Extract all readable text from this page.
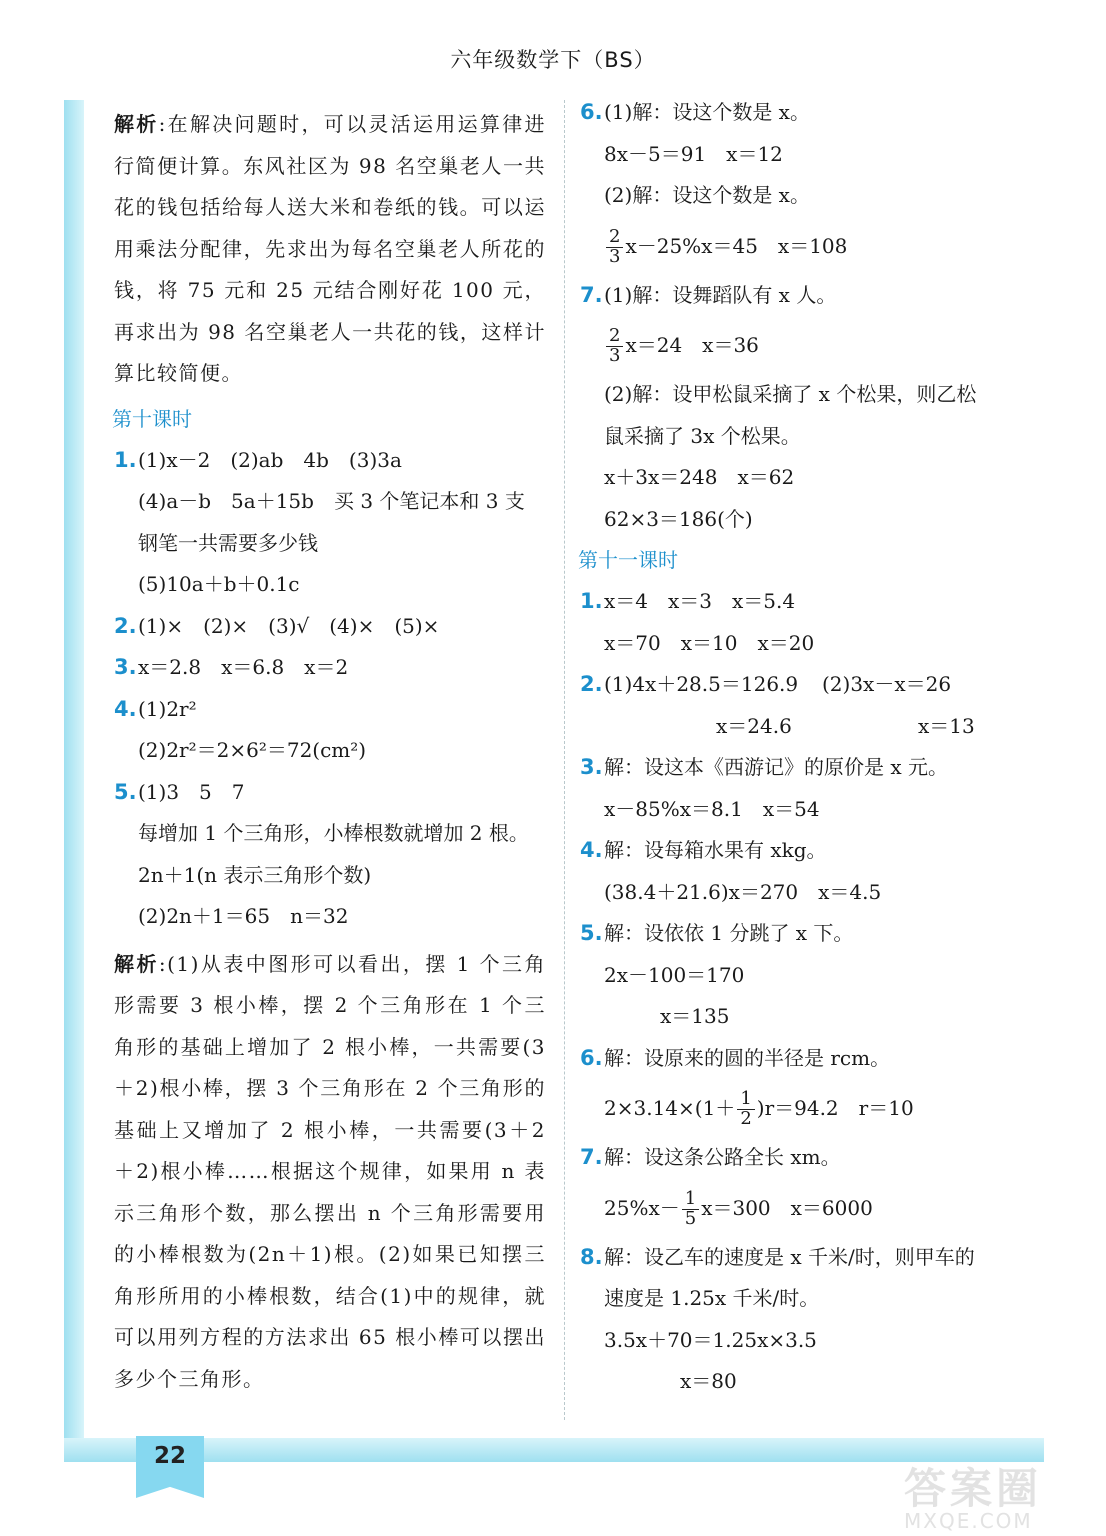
六年级数学下（BS）
22
解析:在解决问题时，可以灵活运用运算律进行简便计算。东风社区为 98 名空巢老人一共花的钱包括给每人送大米和卷纸的钱。可以运用乘法分配律，先求出为每名空巢老人所花的钱，将 75 元和 25 元结合刚好花 100 元，再求出为 98 名空巢老人一共花的钱，这样计算比较简便。
第十课时
1.(1)x－2　(2)ab　4b　(3)3a
(4)a－b　5a＋15b　买 3 个笔记本和 3 支
钢笔一共需要多少钱
(5)10a＋b＋0.1c
2.(1)×　(2)×　(3)√　(4)×　(5)×
3.x＝2.8　x＝6.8　x＝2
4.(1)2r²
(2)2r²＝2×6²＝72(cm²)
5.(1)3　5　7
每增加 1 个三角形，小棒根数就增加 2 根。
2n＋1(n 表示三角形个数)
(2)2n＋1＝65　n＝32
解析:(1)从表中图形可以看出，摆 1 个三角形需要 3 根小棒，摆 2 个三角形在 1 个三角形的基础上增加了 2 根小棒，一共需要(3＋2)根小棒，摆 3 个三角形在 2 个三角形的基础上又增加了 2 根小棒，一共需要(3＋2＋2)根小棒……根据这个规律，如果用 n 表示三角形个数，那么摆出 n 个三角形需要用的小棒根数为(2n＋1)根。(2)如果已知摆三角形所用的小棒根数，结合(1)中的规律，就可以用列方程的方法求出 65 根小棒可以摆出多少个三角形。
6.(1)解：设这个数是 x。
8x－5＝91　x＝12
(2)解：设这个数是 x。
$\frac{2}{3} x-25\%x=45$　x＝108
7.(1)解：设舞蹈队有 x 人。
$\frac{2}{3} x=24$　x＝36
(2)解：设甲松鼠采摘了 x 个松果，则乙松
鼠采摘了 3x 个松果。
x＋3x＝248　x＝62
62×3＝186(个)
第十一课时
1.x＝4　x＝3　x＝5.4
x＝70　x＝10　x＝20
2. (1)4x＋28.5＝126.9	(2)3x－x＝26
x＝24.6	x＝13
3.解：设这本《西游记》的原价是 x 元。
x－85%x＝8.1　x＝54
4.解：设每箱水果有 xkg。
(38.4＋21.6)x＝270　x＝4.5
5.解：设依依 1 分跳了 x 下。
2x－100＝170
x＝135
6.解：设原来的圆的半径是 rcm。
$2\times 3.14\times(1+ \frac{1}{2} )r=94.2$　r＝10
7.解：设这条公路全长 xm。
$25\%x- \frac{1}{5} x=300$　x＝6000
8.解：设乙车的速度是 x 千米/时，则甲车的
速度是 1.25x 千米/时。
3.5x＋70＝1.25x×3.5
x＝80
答案圈
MXQE.COM
